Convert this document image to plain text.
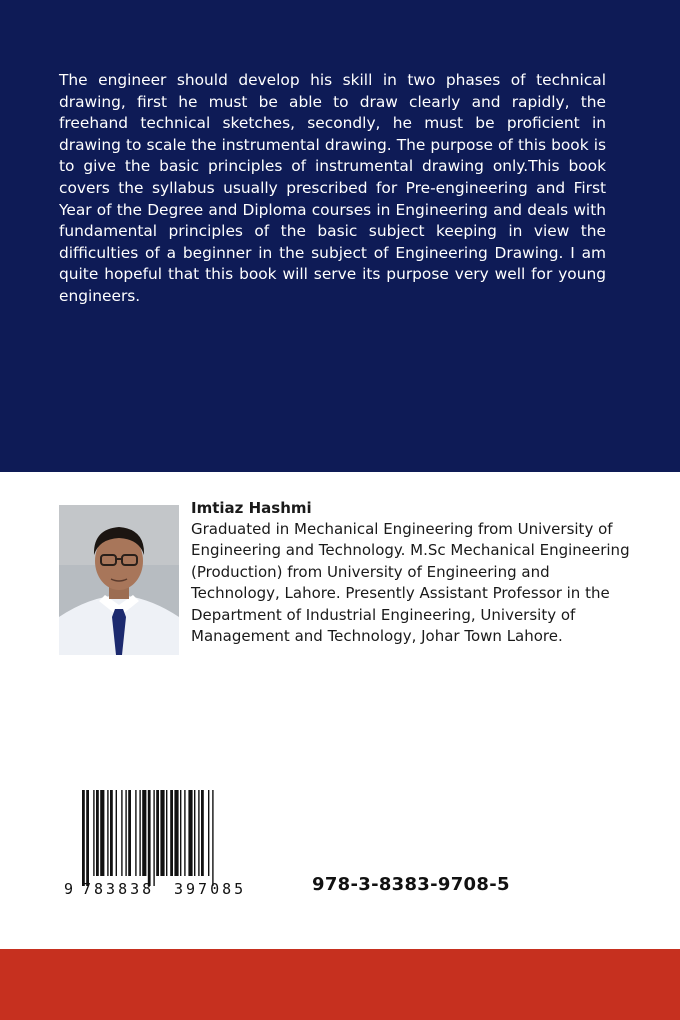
The engineer should develop his skill in two phases of technical drawing, first he must be able to draw clearly and rapidly, the freehand technical sketches, secondly, he must be proficient in drawing to scale the instrumental drawing. The purpose of this book is to give the basic principles of instrumental drawing only.This book covers the syllabus usually prescribed for Pre-engineering and First Year of the Degree and Diploma courses in Engineering and deals with fundamental principles of the basic subject keeping in view the difficulties of a beginner in the subject of Engineering Drawing. I am quite hopeful that this book will serve its purpose very well for young engineers.

Imtiaz Hashmi

Graduated in Mechanical Engineering from University of Engineering and Technology. M.Sc Mechanical Engineering (Production) from University of Engineering and Technology, Lahore. Presently Assistant Professor in the Department of Industrial Engineering, University of Management and Technology, Johar Town Lahore.

9 783838 397085	978-3-8383-9708-5
